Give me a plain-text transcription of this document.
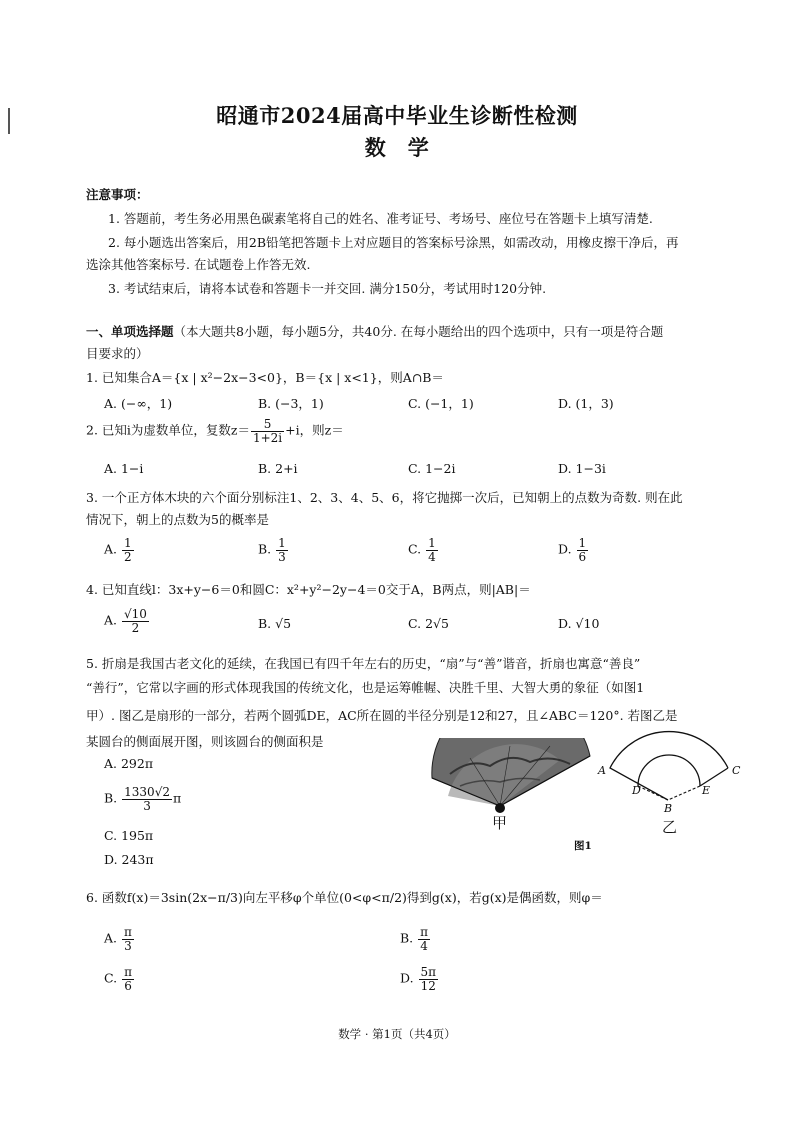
昭通市2024届高中毕业生诊断性检测
数　学
注意事项：
1. 答题前，考生务必用黑色碳素笔将自己的姓名、准考证号、考场号、座位号在答题卡上填写清楚.
2. 每小题选出答案后，用2B铅笔把答题卡上对应题目的答案标号涂黑，如需改动，用橡皮擦干净后，再
选涂其他答案标号. 在试题卷上作答无效.
3. 考试结束后，请将本试卷和答题卡一并交回. 满分150分，考试用时120分钟.
一、单项选择题（本大题共8小题，每小题5分，共40分. 在每小题给出的四个选项中，只有一项是符合题
目要求的）
1. 已知集合A＝{x | x²−2x−3<0}，B＝{x | x<1}，则A∩B＝
A. (−∞，1)	B. (−3，1)	C. (−1，1)	D. (1，3)
2. 已知i为虚数单位，复数$z= \frac{5}{1+2i} +i$，则z＝
A. 1−i	B. 2+i	C. 1−2i	D. 1−3i
3. 一个正方体木块的六个面分别标注1、2、3、4、5、6，将它抛掷一次后，已知朝上的点数为奇数. 则在此
情况下，朝上的点数为5的概率是
A. $\frac{1}{2}$	B. $\frac{1}{3}$	C. $\frac{1}{4}$	D. $\frac{1}{6}$
4. 已知直线l：3x+y−6＝0和圆C：x²+y²−2y−4＝0交于A，B两点，则|AB|＝
A. $\frac{√10}{2}$	B. √5	C. 2√5	D. √10
5. 折扇是我国古老文化的延续，在我国已有四千年左右的历史，“扇”与“善”谐音，折扇也寓意“善良”
“善行”，它常以字画的形式体现我国的传统文化，也是运筹帷幄、决胜千里、大智大勇的象征（如图1
甲）. 图乙是扇形的一部分，若两个圆弧DE，AC所在圆的半径分别是12和27，且∠ABC＝120°. 若图乙是
某圆台的侧面展开图，则该圆台的侧面积是
A. 292π
B. $\frac{1330√2}{3}$ π
C. 195π
D. 243π
甲
A	C
D	E
B
乙
图1
6. 函数f(x)＝3sin(2x−π/3)向左平移φ个单位(0<φ<π/2)得到g(x)，若g(x)是偶函数，则φ＝
A. $\frac{\pi}{3}$	B. $\frac{\pi}{4}$
C. $\frac{\pi}{6}$	D. $\frac{5\pi}{12}$
数学 · 第1页（共4页）
